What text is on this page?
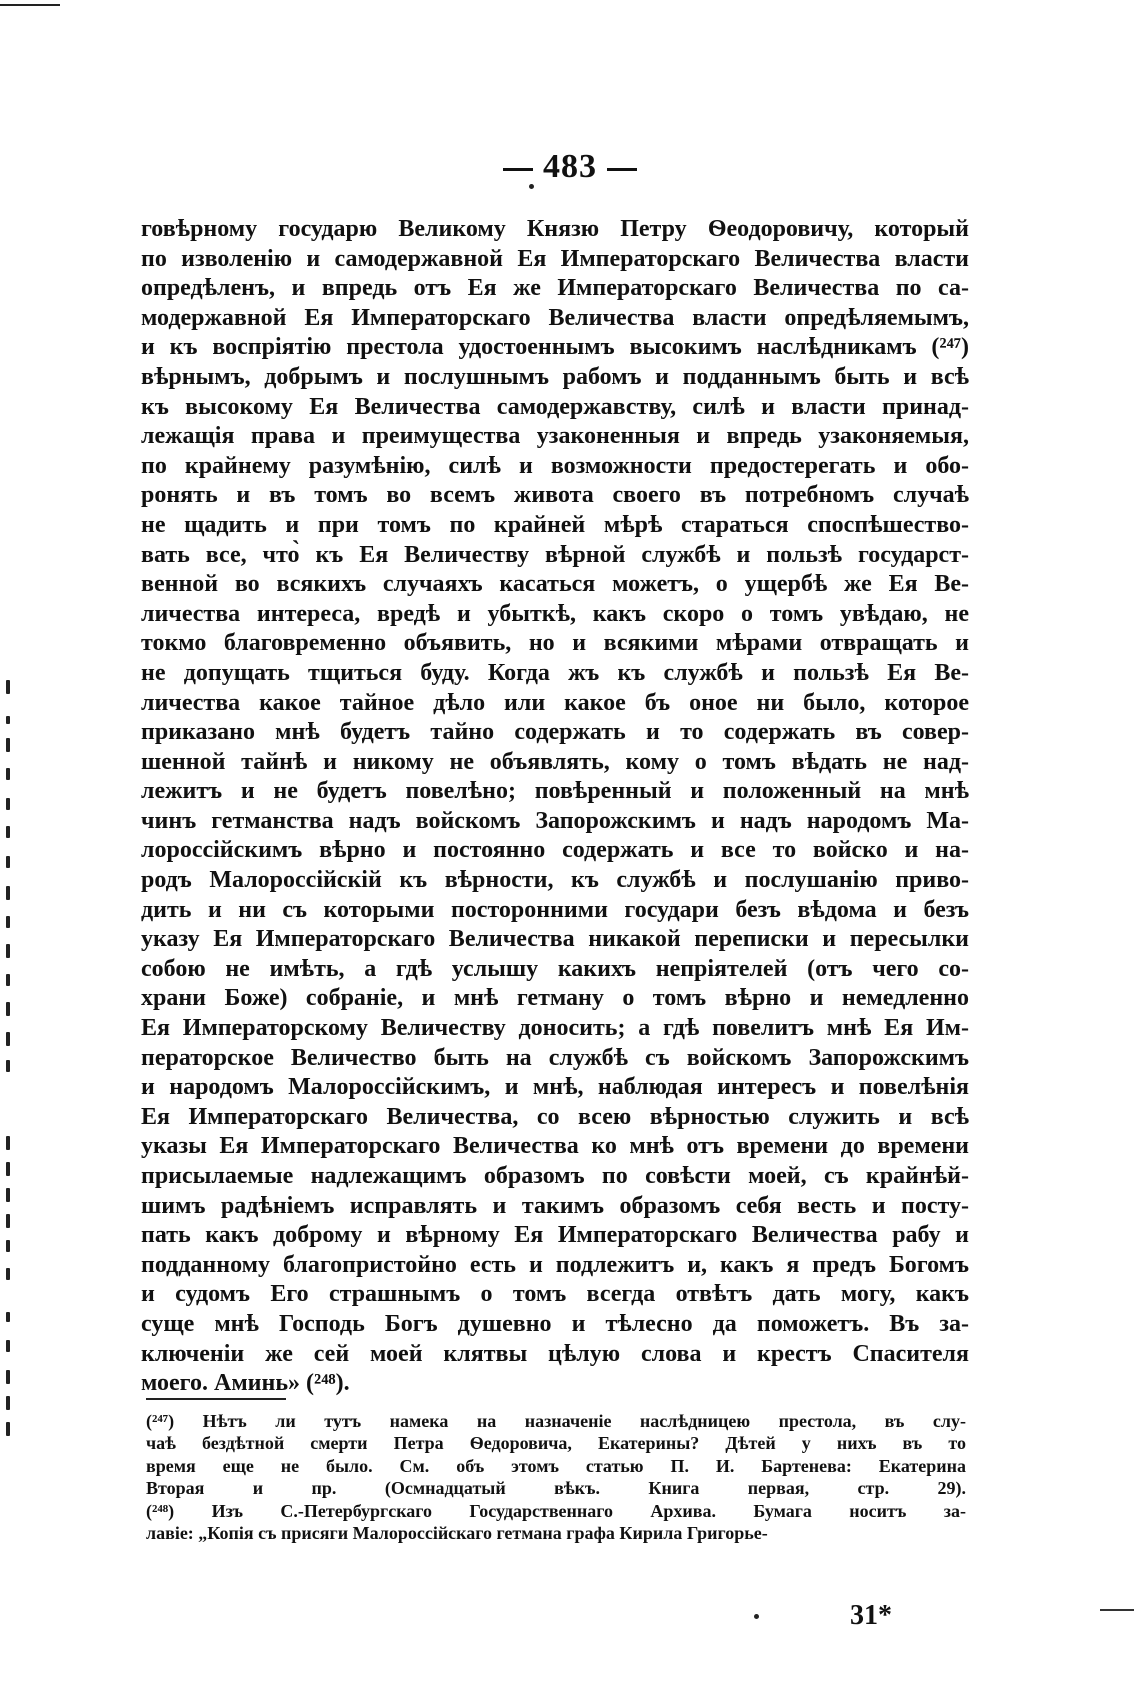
483
говѣрному государю Великому Князю Петру Ѳеодоровичу, который
по изволенію и самодержавной Ея Императорскаго Величества власти
опредѣленъ, и впредь отъ Ея же Императорскаго Величества по са-
модержавной Ея Императорскаго Величества власти опредѣляемымъ,
и къ воспріятію престола удостоеннымъ высокимъ наслѣдникамъ (²⁴⁷)
вѣрнымъ, добрымъ и послушнымъ рабомъ и подданнымъ быть и всѣ
къ высокому Ея Величества самодержавству, силѣ и власти принад-
лежащія права и преимущества узаконенныя и впредь узаконяемыя,
по крайнему разумѣнію, силѣ и возможности предостерегать и обо-
ронять и въ томъ во всемъ живота своего въ потребномъ случаѣ
не щадить и при томъ по крайней мѣрѣ стараться споспѣшество-
вать все, что̀ къ Ея Величеству вѣрной службѣ и пользѣ государст-
венной во всякихъ случаяхъ касаться можетъ, о ущербѣ же Ея Ве-
личества интереса, вредѣ и убыткѣ, какъ скоро о томъ увѣдаю, не
токмо благовременно объявить, но и всякими мѣрами отвращать и
не допущать тщиться буду. Когда жъ къ службѣ и пользѣ Ея Ве-
личества какое тайное дѣло или какое бъ оное ни было, которое
приказано мнѣ будетъ тайно содержать и то содержать въ совер-
шенной тайнѣ и никому не объявлять, кому о томъ вѣдать не над-
лежитъ и не будетъ повелѣно; повѣренный и положенный на мнѣ
чинъ гетманства надъ войскомъ Запорожскимъ и надъ народомъ Ма-
лороссійскимъ вѣрно и постоянно содержать и все то войско и на-
родъ Малороссійскій къ вѣрности, къ службѣ и послушанію приво-
дить и ни съ которыми посторонними государи безъ вѣдома и безъ
указу Ея Императорскаго Величества никакой переписки и пересылки
собою не имѣть, а гдѣ услышу какихъ непріятелей (отъ чего со-
храни Боже) собраніе, и мнѣ гетману о томъ вѣрно и немедленно
Ея Императорскому Величеству доносить; а гдѣ повелитъ мнѣ Ея Им-
ператорское Величество быть на службѣ съ войскомъ Запорожскимъ
и народомъ Малороссійскимъ, и мнѣ, наблюдая интересъ и повелѣнія
Ея Императорскаго Величества, со всею вѣрностью служить и всѣ
указы Ея Императорскаго Величества ко мнѣ отъ времени до времени
присылаемые надлежащимъ образомъ по совѣсти моей, съ крайнѣй-
шимъ радѣніемъ исправлять и такимъ образомъ себя весть и посту-
пать какъ доброму и вѣрному Ея Императорскаго Величества рабу и
подданному благопристойно есть и подлежитъ и, какъ я предъ Богомъ
и судомъ Его страшнымъ о томъ всегда отвѣтъ дать могу, какъ
суще мнѣ Господь Богъ душевно и тѣлесно да поможетъ. Въ за-
ключеніи же сей моей клятвы цѣлую слова и крестъ Спасителя
моего. Аминь» (²⁴⁸).
(²⁴⁷) Нѣтъ ли тутъ намека на назначеніе наслѣдницею престола, въ слу-
чаѣ бездѣтной смерти Петра Ѳедоровича, Екатерины? Дѣтей у нихъ въ то
время еще не было. См. объ этомъ статью П. И. Бартенева: Екатерина
Вторая и пр. (Осмнадцатый вѣкъ. Книга первая, стр. 29).
(²⁴⁸) Изъ С.-Петербургскаго Государственнаго Архива. Бумага носитъ за-
лавіе: „Копія съ присяги Малороссійскаго гетмана графа Кирила Григорье-
31*
